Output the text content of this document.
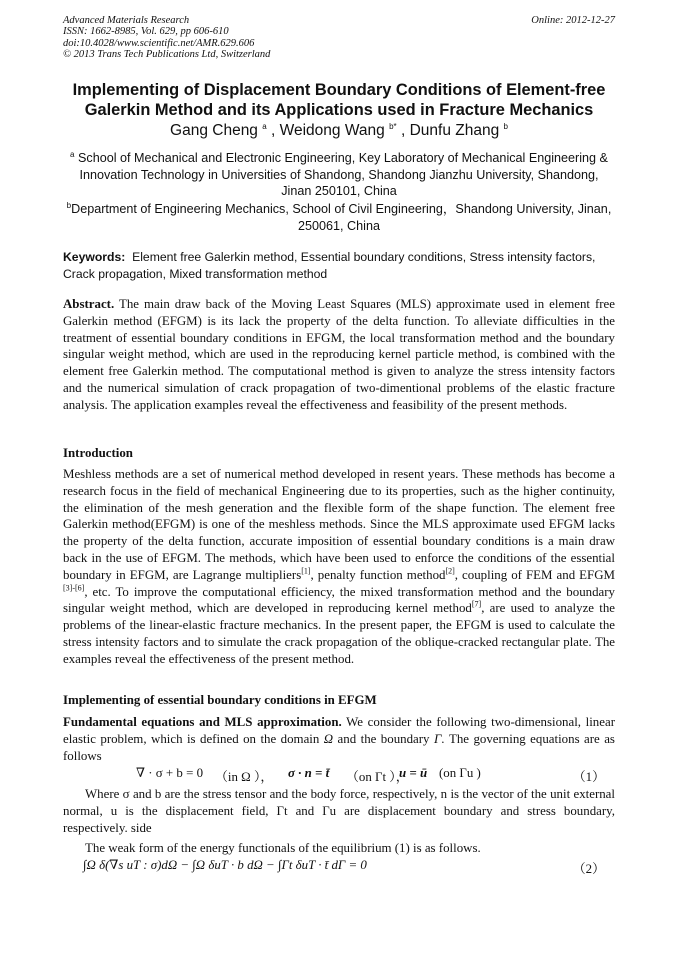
Advanced Materials Research
ISSN: 1662-8985, Vol. 629, pp 606-610
doi:10.4028/www.scientific.net/AMR.629.606
© 2013 Trans Tech Publications Ltd, Switzerland
Online: 2012-12-27
Implementing of Displacement Boundary Conditions of Element-free
Galerkin Method and its Applications used in Fracture Mechanics
Gang Cheng $^a$ , Weidong Wang $^{b*}$ , Dunfu Zhang $^b$
$^a$ School of Mechanical and Electronic Engineering, Key Laboratory of Mechanical Engineering & Innovation Technology in Universities of Shandong, Shandong Jianzhu University, Shandong, Jinan 250101, China
$^b$Department of Engineering Mechanics, School of Civil Engineering，Shandong University, Jinan, 250061, China
Keywords: Element free Galerkin method, Essential boundary conditions, Stress intensity factors, Crack propagation, Mixed transformation method
Abstract. The main draw back of the Moving Least Squares (MLS) approximate used in element free Galerkin method (EFGM) is its lack the property of the delta function. To alleviate difficulties in the treatment of essential boundary conditions in EFGM, the local transformation method and the boundary singular weight method, which are used in the reproducing kernel particle method, is combined with the element free Galerkin method. The computational method is given to analyze the stress intensity factors and the numerical simulation of crack propagation of two-dimentional problems of the elastic fracture analysis. The application examples reveal the effectiveness and feasibility of the present methods.
Introduction
Meshless methods are a set of numerical method developed in resent years. These methods has become a research focus in the field of mechanical Engineering due to its properties, such as the higher continuity, the elimination of the mesh generation and the flexible form of the shape function. The element free Galerkin method(EFGM) is one of the meshless methods. Since the MLS approximate used EFGM lacks the property of the delta function, accurate imposition of essential boundary conditions is a main draw back in the use of EFGM. The methods, which have been used to enforce the conditions of the essential boundary in EFGM, are Lagrange multipliers[1], penalty function method[2], coupling of FEM and EFGM [3]-[6], etc. To improve the computational efficiency, the mixed transformation method and the boundary singular weight method, which are developed in reproducing kernel method[7], are used to analyze the problems of the linear-elastic fracture mechanics. In the present paper, the EFGM is used to calculate the stress intensity factors and to simulate the crack propagation of the oblique-cracked rectangular plate. The examples reveal the effectiveness of the present method.
Implementing of essential boundary conditions in EFGM
Fundamental equations and MLS approximation. We consider the following two-dimensional, linear elastic problem, which is defined on the domain Ω and the boundary Γ. The governing equations are as follows
∇ · σ + b = 0 （in Ω ）， σ · n = t̄ （on Γt ），
u = ū (on Γu )	（1）
Where σ and b are the stress tensor and the body force, respectively, n is the vector of the unit external normal, u is the displacement field, Γt and Γu are displacement boundary and stress boundary, respectively. side
The weak form of the energy functionals of the equilibrium (1) is as follows.
∫Ω δ(∇s uT : σ)dΩ − ∫Ω δuT · b dΩ − ∫Γt δuT · t̄ dΓ = 0	（2）
